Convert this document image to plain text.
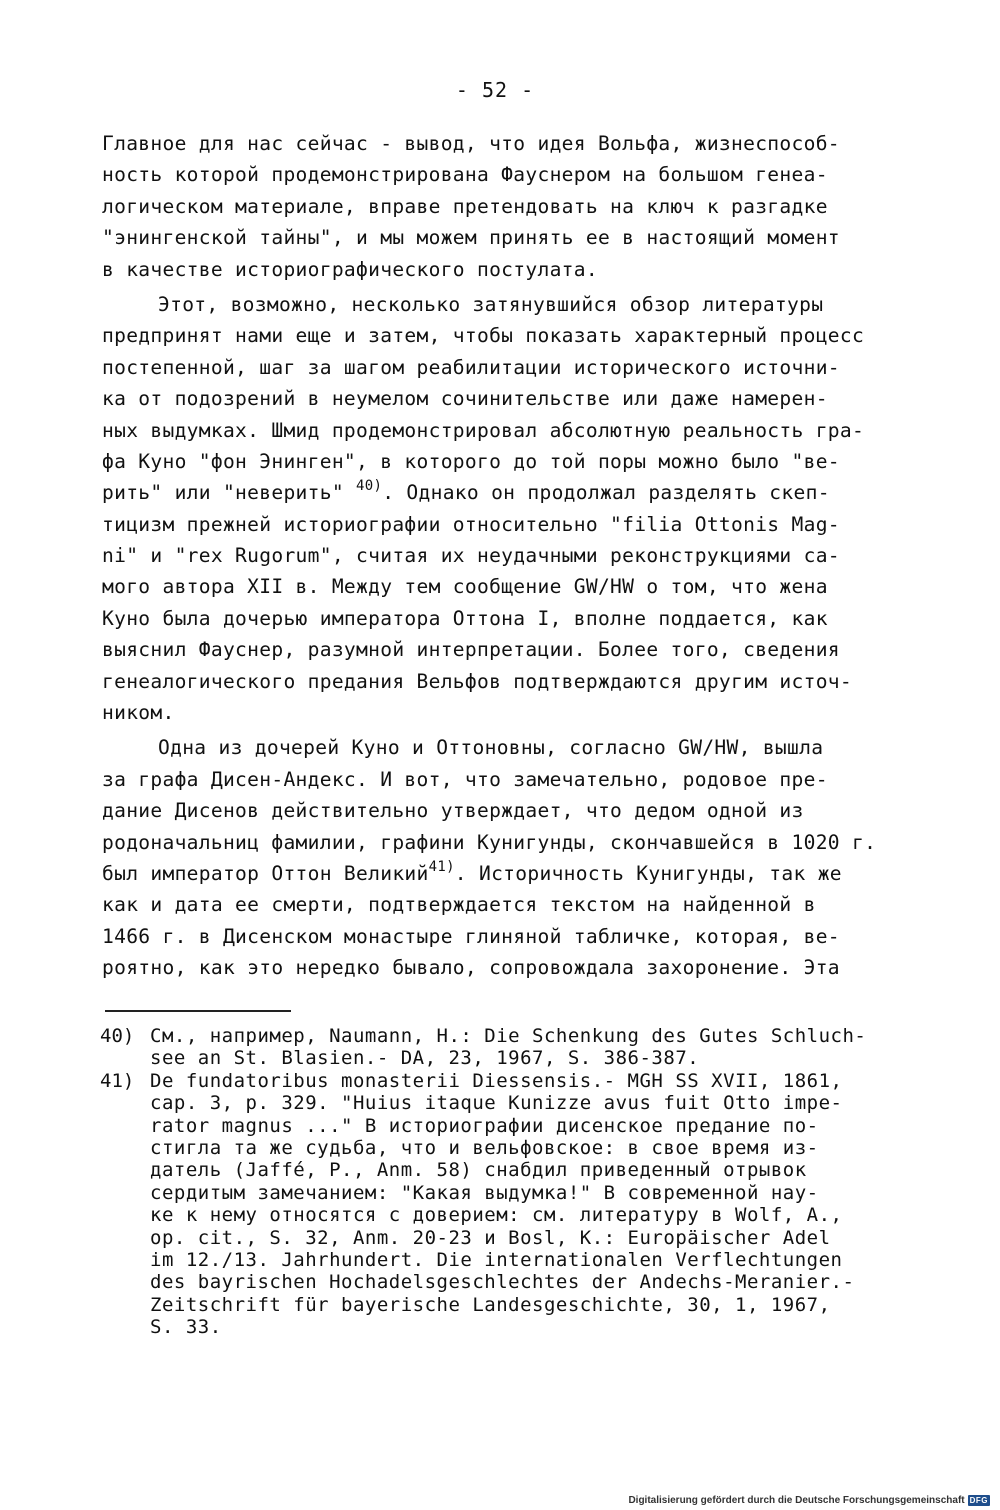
- 52 -
Главное для нас сейчас - вывод, что идея Вольфа, жизнеспособ-
ность которой продемонстрирована Фауснером на большом генеа-
логическом материале, вправе претендовать на ключ к разгадке
"энингенской тайны", и мы можем принять ее в настоящий момент
в качестве историографического постулата.
Этот, возможно, несколько затянувшийся обзор литературы
предпринят нами еще и затем, чтобы показать характерный процесс
постепенной, шаг за шагом реабилитации исторического источни-
ка от подозрений в неумелом сочинительстве или даже намерен-
ных выдумках. Шмид продемонстрировал абсолютную реальность гра-
фа Куно "фон Энинген", в которого до той поры можно было "ве-
рить" или "неверить" $^{40)}$. Однако он продолжал разделять скеп-
тицизм прежней историографии относительно "filia Ottonis Mag-
ni" и "rex Rugorum", считая их неудачными реконструкциями са-
мого автора XII в. Между тем сообщение GW/HW о том, что жена
Куно была дочерью императора Оттона I, вполне поддается, как
выяснил Фауснер, разумной интерпретации. Более того, сведения
генеалогического предания Вельфов подтверждаются другим источ-
ником.
Одна из дочерей Куно и Оттоновны, согласно GW/HW, вышла
за графа Дисен-Андекс. И вот, что замечательно, родовое пре-
дание Дисенов действительно утверждает, что дедом одной из
родоначальниц фамилии, графини Кунигунды, скончавшейся в 1020 г.
был император Оттон Великий$^{41)}$. Историчность Кунигунды, так же
как и дата ее смерти, подтверждается текстом на найденной в
1466 г. в Дисенском монастыре глиняной табличке, которая, ве-
роятно, как это нередко бывало, сопровождала захоронение. Эта
40) См., например, Naumann, H.: Die Schenkung des Gutes Schluch-
see an St. Blasien.- DA, 23, 1967, S. 386-387.
41) De fundatoribus monasterii Diessensis.- MGH SS XVII, 1861,
cap. 3, p. 329. "Huius itaque Kunizze avus fuit Otto impe-
rator magnus ..." В историографии дисенское предание по-
стигла та же судьба, что и вельфовское: в свое время из-
датель (Jaffé, P., Anm. 58) снабдил приведенный отрывок
сердитым замечанием: "Какая выдумка!" В современной нау-
ке к нему относятся с доверием: см. литературу в Wolf, A.,
op. cit., S. 32, Anm. 20-23 и Bosl, K.: Europäischer Adel
im 12./13. Jahrhundert. Die internationalen Verflechtungen
des bayrischen Hochadelsgeschlechtes der Andechs-Meranier.-
Zeitschrift für bayerische Landesgeschichte, 30, 1, 1967,
S. 33.
Digitalisierung gefördert durch die Deutsche Forschungsgemeinschaft DFG
